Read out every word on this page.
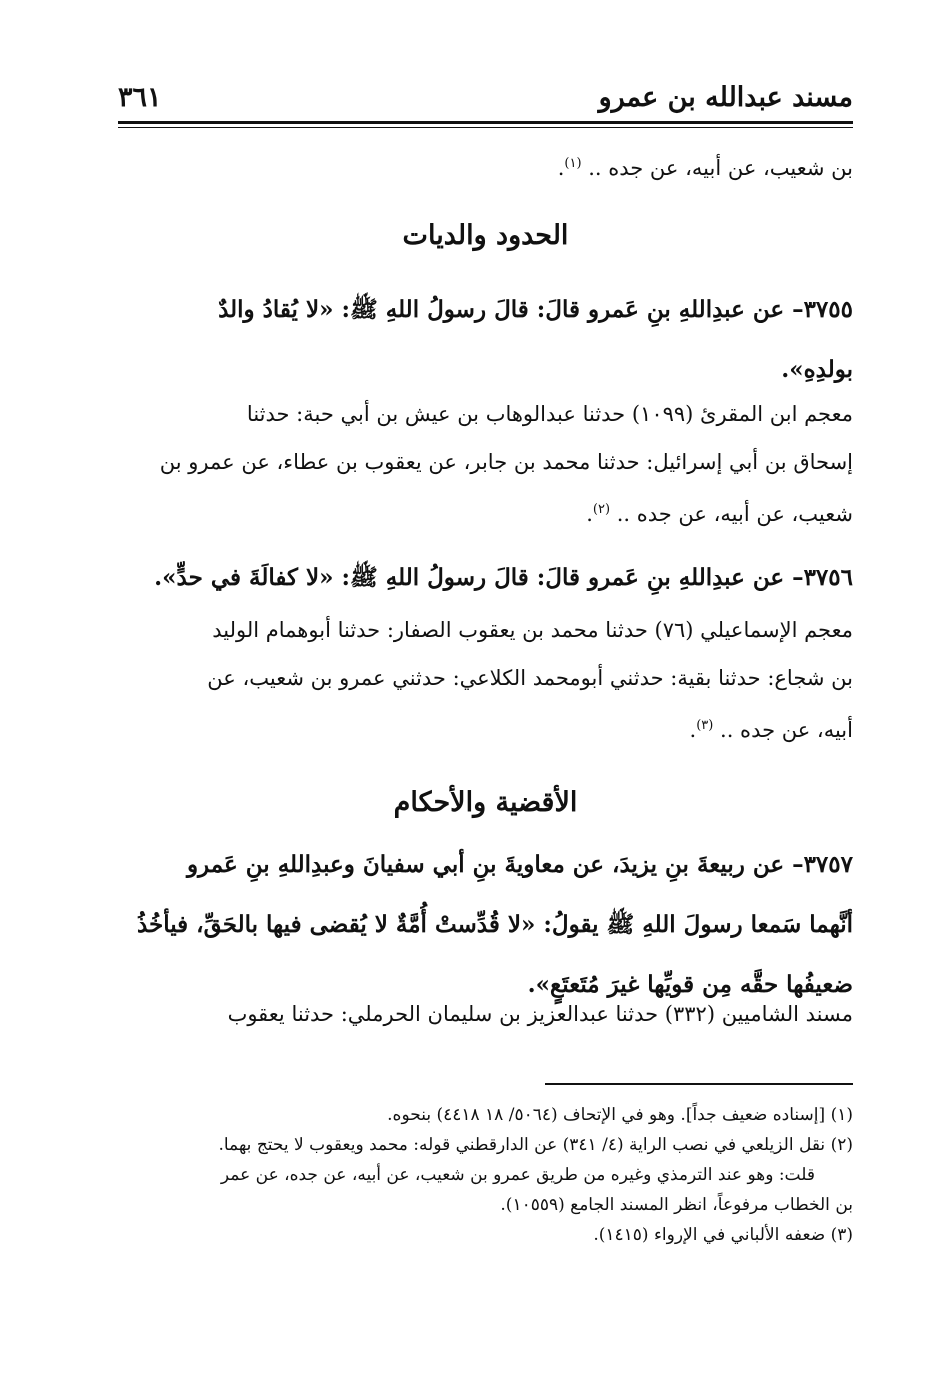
مسند عبدالله بن عمرو
٣٦١
بن شعيب، عن أبيه، عن جده .. $^{(١)}$.
الحدود والديات
٣٧٥٥– عن عبدِاللهِ بنِ عَمرو قالَ: قالَ رسولُ اللهِ ﷺ: «لا يُقادُ والدٌ
بولدِهِ».
معجم ابن المقرئ (١٠٩٩) حدثنا عبدالوهاب بن عيش بن أبي حبة: حدثنا
إسحاق بن أبي إسرائيل: حدثنا محمد بن جابر، عن يعقوب بن عطاء، عن عمرو بن
شعيب، عن أبيه، عن جده .. $^{(٢)}$.
٣٧٥٦– عن عبدِاللهِ بنِ عَمرو قالَ: قالَ رسولُ اللهِ ﷺ: «لا كفالَةَ في حدٍّ».
معجم الإسماعيلي (٧٦) حدثنا محمد بن يعقوب الصفار: حدثنا أبوهمام الوليد
بن شجاع: حدثنا بقية: حدثني أبومحمد الكلاعي: حدثني عمرو بن شعيب، عن
أبيه، عن جده .. $^{(٣)}$.
الأقضية والأحكام
٣٧٥٧– عن ربيعةَ بنِ يزيدَ، عن معاويةَ بنِ أبي سفيانَ وعبدِاللهِ بنِ عَمرو
أنَّهما سَمعا رسولَ اللهِ ﷺ يقولُ: «لا قُدِّستْ أُمَّةٌ لا يُقضى فيها بالحَقِّ، فيأخُذُ
ضعيفُها حقَّه مِن قويِّها غيرَ مُتَعتَعٍ».
مسند الشاميين (٣٣٢) حدثنا عبدالعزيز بن سليمان الحرملي: حدثنا يعقوب
(١) [إسناده ضعيف جداً]. وهو في الإتحاف (٥٠٦٤/ ١٨ ٤٤١٨) بنحوه.
(٢) نقل الزيلعي في نصب الراية (٤/ ٣٤١) عن الدارقطني قوله: محمد ويعقوب لا يحتج بهما.
قلت: وهو عند الترمذي وغيره من طريق عمرو بن شعيب، عن أبيه، عن جده، عن عمر
بن الخطاب مرفوعاً، انظر المسند الجامع (١٠٥٥٩).
(٣) ضعفه الألباني في الإرواء (١٤١٥).
